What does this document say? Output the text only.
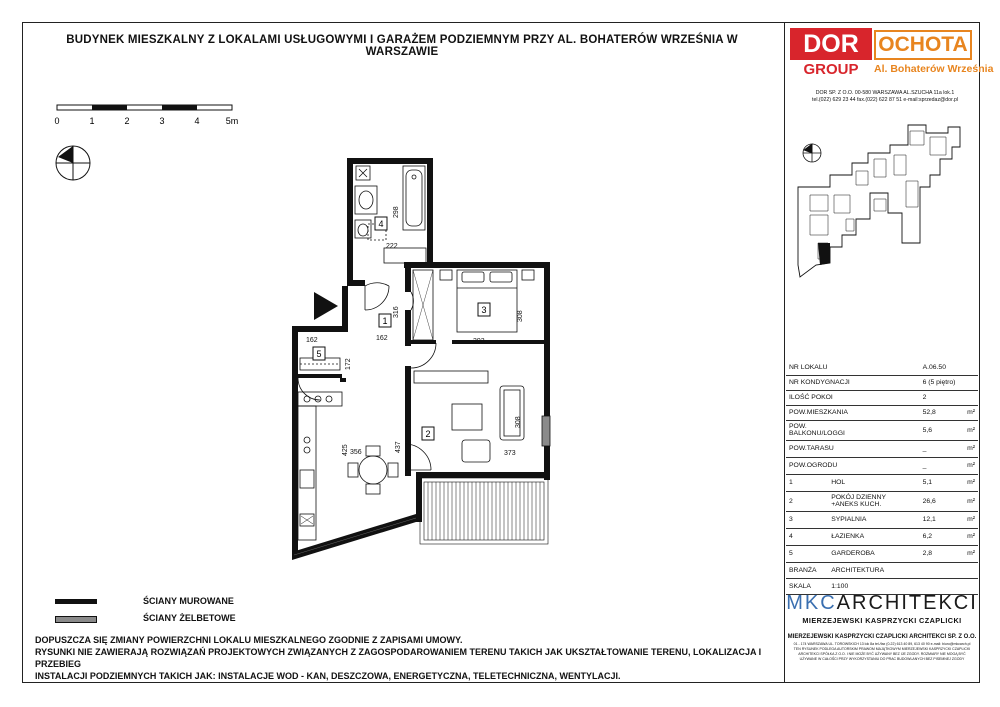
BUDYNEK MIESZKALNY Z LOKALAMI USŁUGOWYMI I GARAŻEM PODZIEMNYM PRZY AL. BOHATERÓW WRZEŚNIA W WARSZAWIE
0	1	2	3	4	5m
1
2
3
4
5
298
222
316
162	393
308
162
172
425 356	437
373
308
ŚCIANY MUROWANE
ŚCIANY ŻELBETOWE
DOPUSZCZA SIĘ ZMIANY POWIERZCHNI LOKALU MIESZKALNEGO ZGODNIE Z ZAPISAMI UMOWY.
RYSUNKI NIE ZAWIERAJĄ ROZWIĄZAŃ PROJEKTOWYCH ZWIĄZANYCH Z ZAGOSPODAROWANIEM TERENU TAKICH JAK UKSZTAŁTOWANIE TERENU, LOKALIZACJA I PRZEBIEG
INSTALACJI PODZIEMNYCH TAKICH JAK: INSTALACJE WOD - KAN, DESZCZOWA, ENERGETYCZNA, TELETECHNICZNA, WENTYLACJI.
DOR OCHOTA
GROUP	Al. Bohaterów Września
DOR SP. Z O.O. 00-580 WARSZAWA AL.SZUCHA 11a lok.1
tel.(022) 629 23 44 fax.(022) 622 87 51 e-mail:sprzedaz@dor.pl
NR LOKALU		A.06.50	
NR KONDYGNACJI		6 (5 piętro)	
ILOŚĆ POKOI		2	
POW.MIESZKANIA		52,8	m²

POW.
BALKONU/LOGGI		5,6	m²
POW.TARASU		_	m²
POW.OGRODU		_	m²
1	HOL	5,1	m²
2	POKÓJ DZIENNY
+ANEKS KUCH.	26,6	m²
3	SYPIALNIA	12,1	m²
4	ŁAZIENKA	6,2	m²
5	GARDEROBA	2,8	m²
BRANŻA	ARCHITEKTURA		
SKALA	1:100		
MKCARCHITEKCI
MIERZEJEWSKI KASPRZYCKI CZAPLICKI
MIERZEJEWSKI KASPRZYCKI CZAPLICKI ARCHITEKCI SP. Z O.O.
01 - 174 WARSZAWA UL. TOROWSKICH 13 lok 8a tel./fax (0-22) 613 40 89, 613 40 90 e-mail: biuro@mkcarch.pl
TEN RYSUNEK PODLEGA AUTORSKIM PRAWOM MAJĄTKOWYM MIERZEJEWSKI KASPRZYCKI CZAPLICKI
ARCHITEKCI SPÓŁKA Z O.O. I NIE MOŻE BYĆ UŻYWANY BEZ IJE ZGODY. ROZMIARY NIE MOGĄ BYĆ
UŻYWANE W CAŁOŚCI PRZY WYKORZYSTANIU DO PRAC BUDOWLANYCH BEZ PISEMNEJ ZGODY
